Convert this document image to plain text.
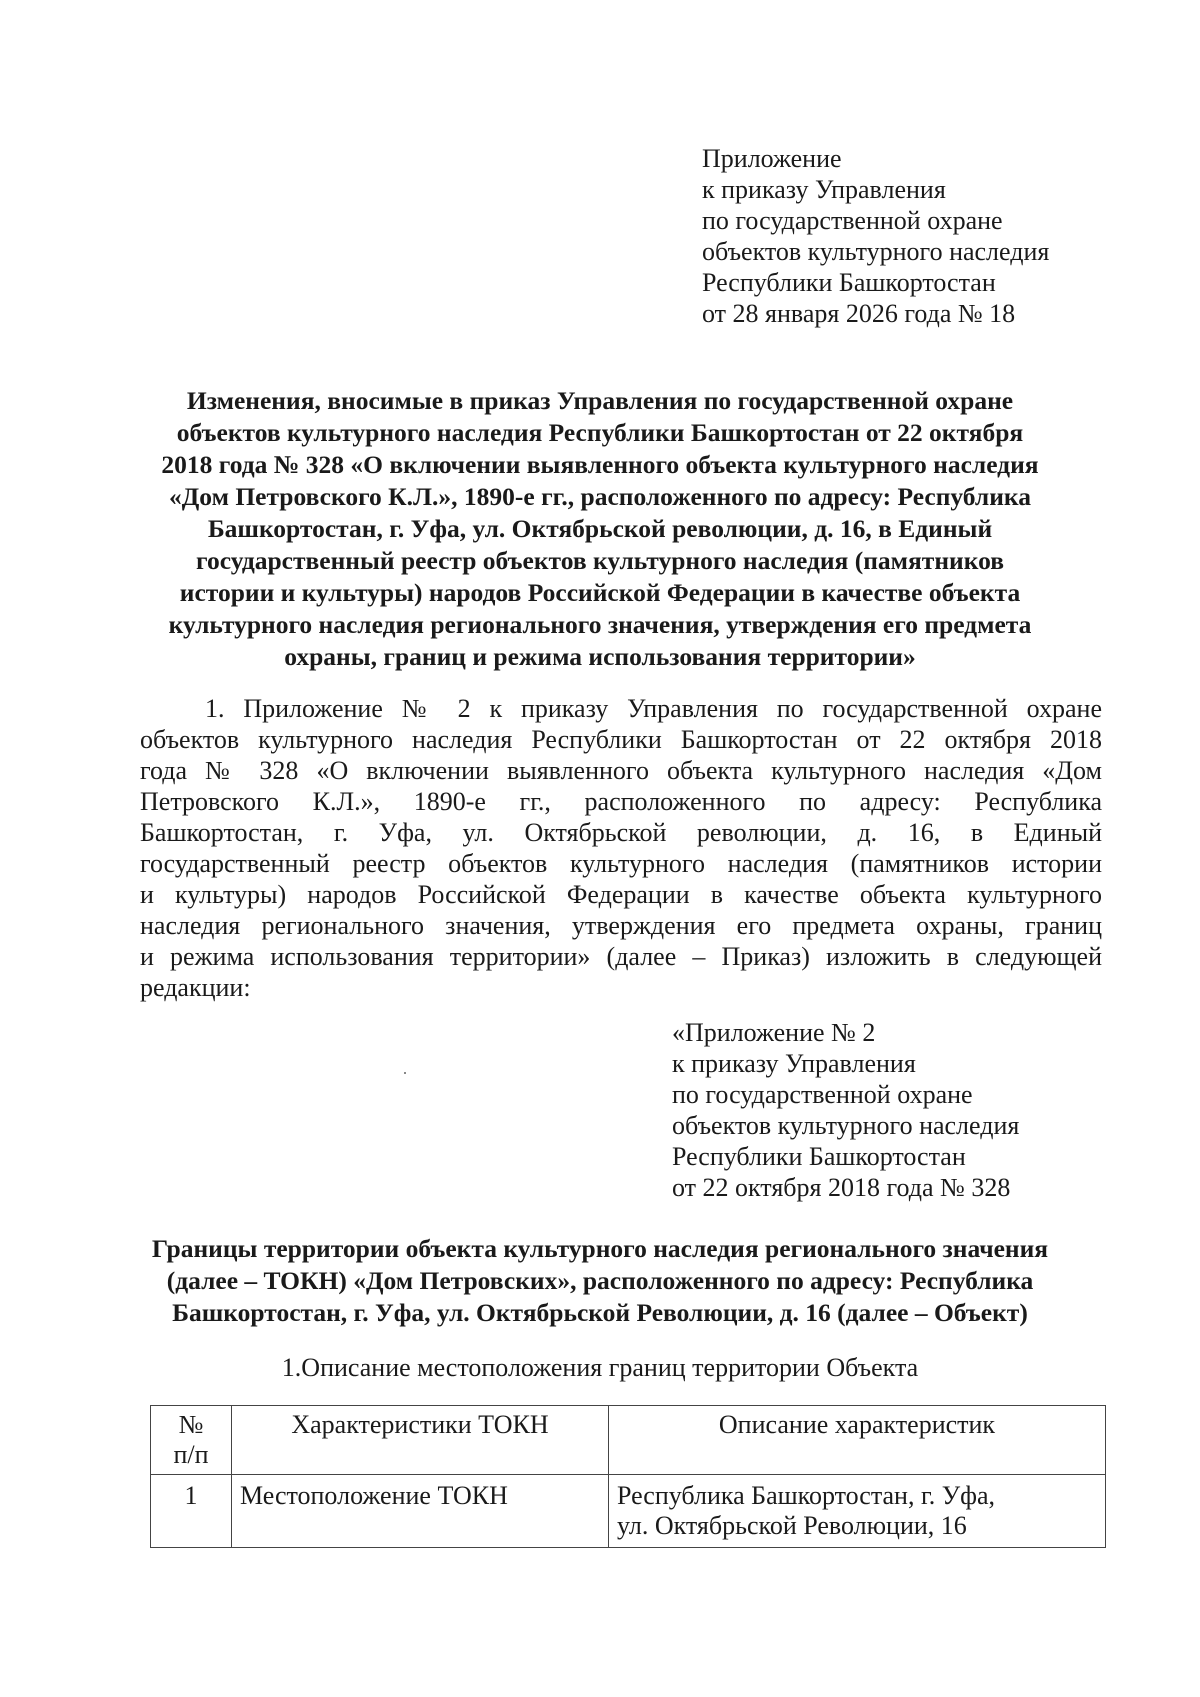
Приложение
к приказу Управления
по государственной охране
объектов культурного наследия
Республики Башкортостан
от 28 января 2026 года № 18
Изменения, вносимые в приказ Управления по государственной охране
объектов культурного наследия Республики Башкортостан от 22 октября
2018 года № 328 «О включении выявленного объекта культурного наследия
«Дом Петровского К.Л.», 1890-е гг., расположенного по адресу: Республика
Башкортостан, г. Уфа, ул. Октябрьской революции, д. 16, в Единый
государственный реестр объектов культурного наследия (памятников
истории и культуры) народов Российской Федерации в качестве объекта
культурного наследия регионального значения, утверждения его предмета
охраны, границ и режима использования территории»
1. Приложение № 2 к приказу Управления по государственной охране
объектов культурного наследия Республики Башкортостан от 22 октября 2018
года № 328 «О включении выявленного объекта культурного наследия «Дом
Петровского К.Л.», 1890-е гг., расположенного по адресу: Республика
Башкортостан, г. Уфа, ул. Октябрьской революции, д. 16, в Единый
государственный реестр объектов культурного наследия (памятников истории
и культуры) народов Российской Федерации в качестве объекта культурного
наследия регионального значения, утверждения его предмета охраны, границ
и режима использования территории» (далее – Приказ) изложить в следующей
редакции:
«Приложение № 2
к приказу Управления
по государственной охране
объектов культурного наследия
Республики Башкортостан
от 22 октября 2018 года № 328
Границы территории объекта культурного наследия регионального значения
(далее – ТОКН) «Дом Петровских», расположенного по адресу: Республика
Башкортостан, г. Уфа, ул. Октябрьской Революции, д. 16 (далее – Объект)
1.Описание местоположения границ территории Объекта
№
п/п	Характеристики ТОКН	Описание характеристик
1	Местоположение ТОКН	Республика Башкортостан, г. Уфа,
ул. Октябрьской Революции, 16
